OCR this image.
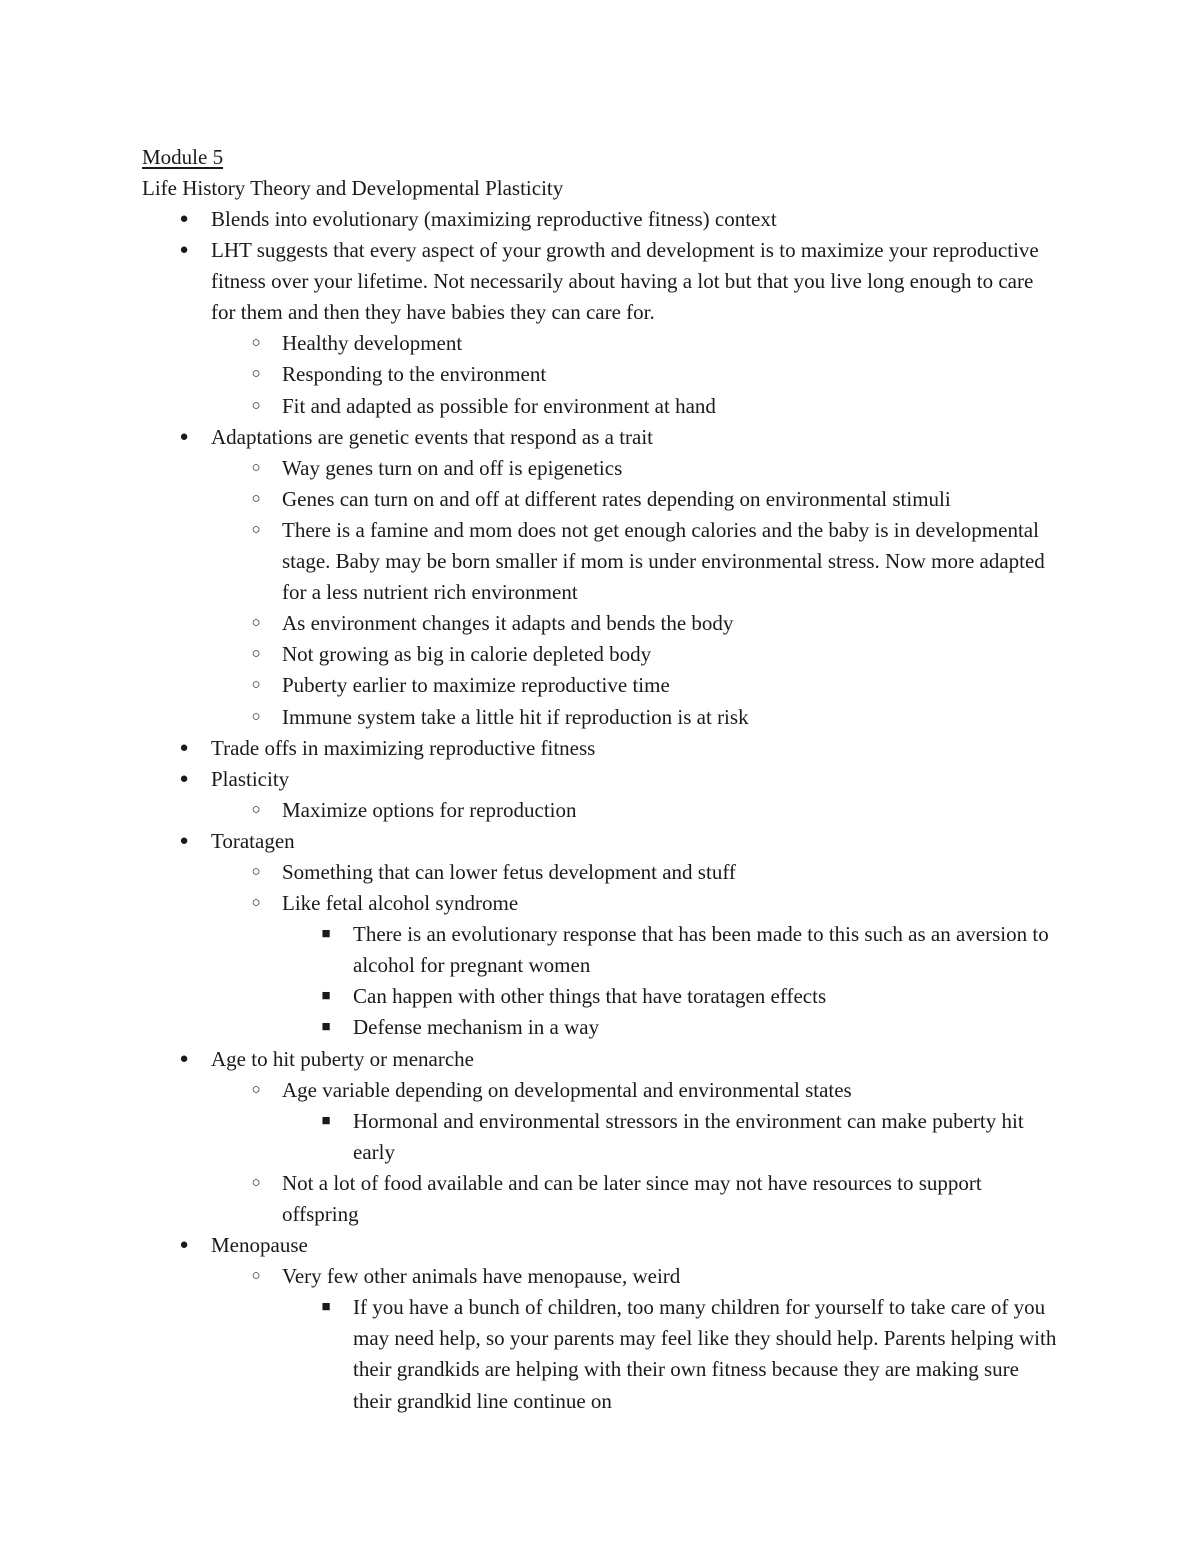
Module 5
Life History Theory and Developmental Plasticity
●	Blends into evolutionary (maximizing reproductive fitness) context
●	LHT suggests that every aspect of your growth and development is to maximize your reproductive fitness over your lifetime. Not necessarily about having a lot but that you live long enough to care for them and then they have babies they can care for.
○	Healthy development
○	Responding to the environment
○	Fit and adapted as possible for environment at hand
●	Adaptations are genetic events that respond as a trait
○	Way genes turn on and off is epigenetics
○	Genes can turn on and off at different rates depending on environmental stimuli
○	There is a famine and mom does not get enough calories and the baby is in developmental stage. Baby may be born smaller if mom is under environmental stress. Now more adapted for a less nutrient rich environment
○	As environment changes it adapts and bends the body
○	Not growing as big in calorie depleted body
○	Puberty earlier to maximize reproductive time
○	Immune system take a little hit if reproduction is at risk
●	Trade offs in maximizing reproductive fitness
●	Plasticity
○	Maximize options for reproduction
●	Toratagen
○	Something that can lower fetus development and stuff
○	Like fetal alcohol syndrome
■	There is an evolutionary response that has been made to this such as an aversion to alcohol for pregnant women
■	Can happen with other things that have toratagen effects
■	Defense mechanism in a way
●	Age to hit puberty or menarche
○	Age variable depending on developmental and environmental states
■	Hormonal and environmental stressors in the environment can make puberty hit early
○	Not a lot of food available and can be later since may not have resources to support offspring
●	Menopause
○	Very few other animals have menopause, weird
■	If you have a bunch of children, too many children for yourself to take care of you may need help, so your parents may feel like they should help. Parents helping with their grandkids are helping with their own fitness because they are making sure their grandkid line continue on
